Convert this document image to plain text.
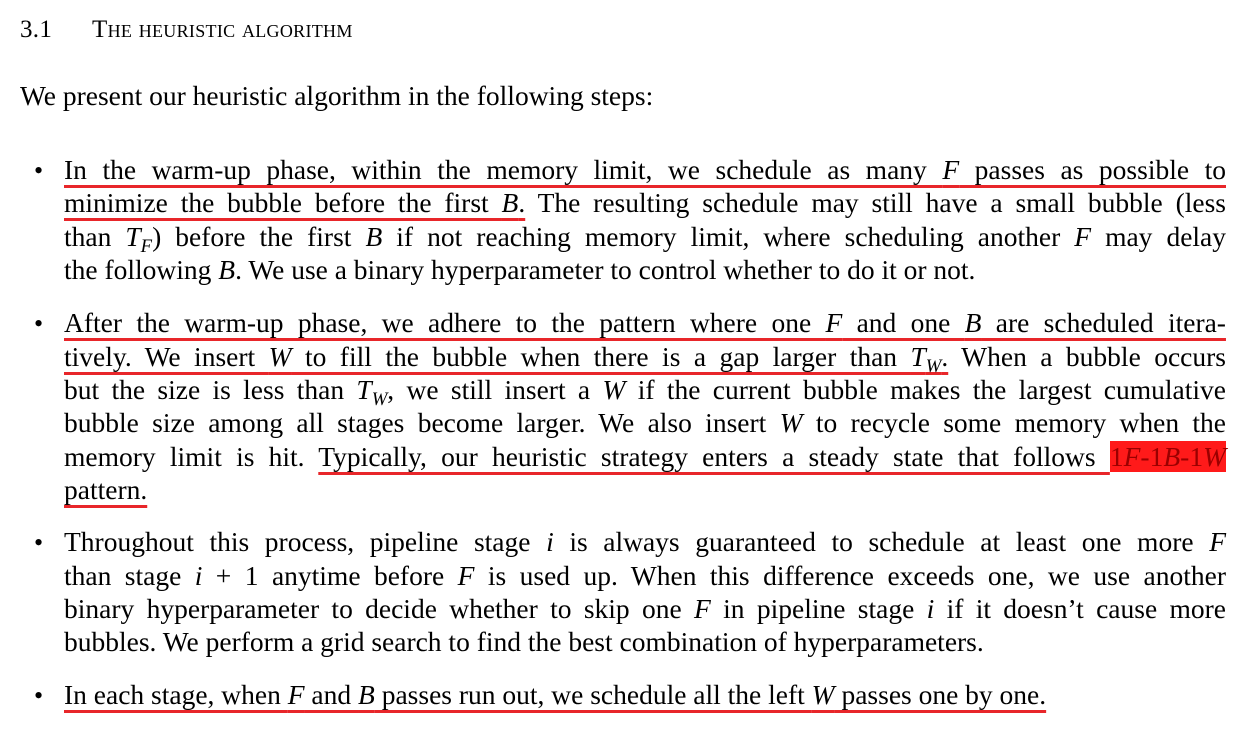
3.1 The heuristic algorithm
We present our heuristic algorithm in the following steps:
• In the warm-up phase, within the memory limit, we schedule as many F passes as possible to
minimize the bubble before the first B. The resulting schedule may still have a small bubble (less
than $T_F$) before the first B if not reaching memory limit, where scheduling another F may delay
the following B. We use a binary hyperparameter to control whether to do it or not.
• After the warm-up phase, we adhere to the pattern where one F and one B are scheduled itera-
tively. We insert W to fill the bubble when there is a gap larger than $T_W$. When a bubble occurs
but the size is less than $T_W$, we still insert a W if the current bubble makes the largest cumulative
bubble size among all stages become larger. We also insert W to recycle some memory when the
memory limit is hit. Typically, our heuristic strategy enters a steady state that follows 1F-1B-1W
pattern.
• Throughout this process, pipeline stage i is always guaranteed to schedule at least one more F
than stage i + 1 anytime before F is used up. When this difference exceeds one, we use another
binary hyperparameter to decide whether to skip one F in pipeline stage i if it doesn’t cause more
bubbles. We perform a grid search to find the best combination of hyperparameters.
• In each stage, when F and B passes run out, we schedule all the left W passes one by one.
